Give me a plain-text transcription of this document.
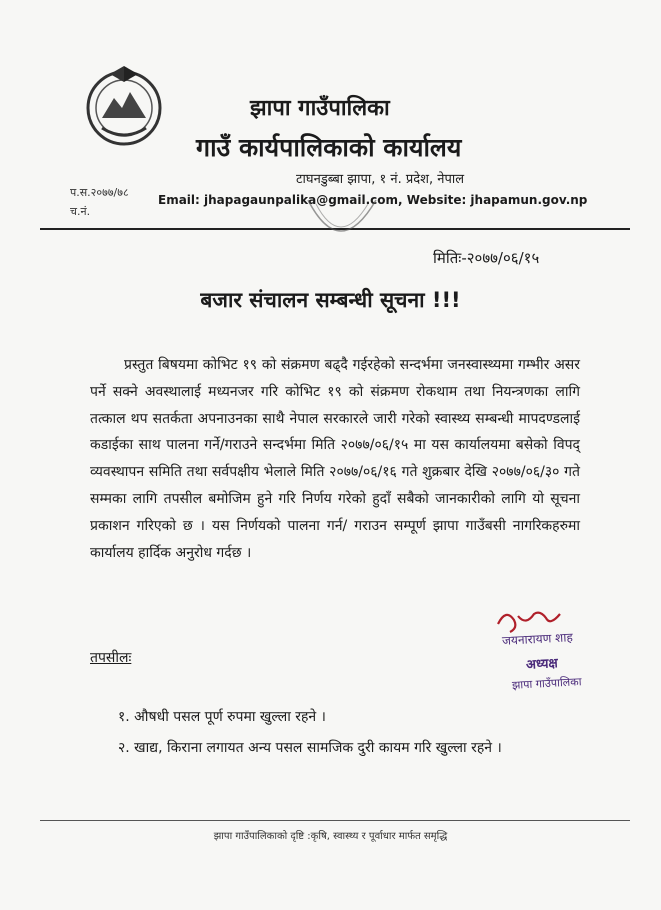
झापा गाउँपालिका
गाउँ कार्यपालिकाको कार्यालय
टाघनडुब्बा झापा, १ नं. प्रदेश, नेपाल
Email: jhapagaunpalika@gmail.com, Website: jhapamun.gov.np
प.स.२०७७/७८
च.नं.
मितिः-२०७७/०६/१५
बजार संचालन सम्बन्धी सूचना !!!
प्रस्तुत बिषयमा कोभिट १९ को संक्रमण बढ्दै गईरहेको सन्दर्भमा जनस्वास्थ्यमा गम्भीर असर पर्ने सक्ने अवस्थालाई मध्यनजर गरि कोभिट १९ को संक्रमण रोकथाम तथा नियन्त्रणका लागि तत्काल थप सतर्कता अपनाउनका साथै नेपाल सरकारले जारी गरेको स्वास्थ्य सम्बन्धी मापदण्डलाई कडाईका साथ पालना गर्ने/गराउने सन्दर्भमा मिति २०७७/०६/१५ मा यस कार्यालयमा बसेको विपद् व्यवस्थापन समिति तथा सर्वपक्षीय भेलाले मिति २०७७/०६/१६ गते शुक्रबार देखि २०७७/०६/३० गते सम्मका लागि तपसील बमोजिम हुने गरि निर्णय गरेको हुदाँ सबैको जानकारीको लागि यो सूचना प्रकाशन गरिएको छ । यस निर्णयको पालना गर्न/ गराउन सम्पूर्ण झापा गाउँबसी नागरिकहरुमा कार्यालय हार्दिक अनुरोध गर्दछ ।
जयनारायण शाह
अध्यक्ष
झापा गाउँपालिका
तपसीलः
१. औषधी पसल पूर्ण रुपमा खुल्ला रहने ।
२. खाद्य, किराना लगायत अन्य पसल सामजिक दुरी कायम गरि खुल्ला रहने ।
झापा गाउँपालिकाको दृष्टि :कृषि, स्वास्थ्य र पूर्वाधार मार्फत समृद्धि
